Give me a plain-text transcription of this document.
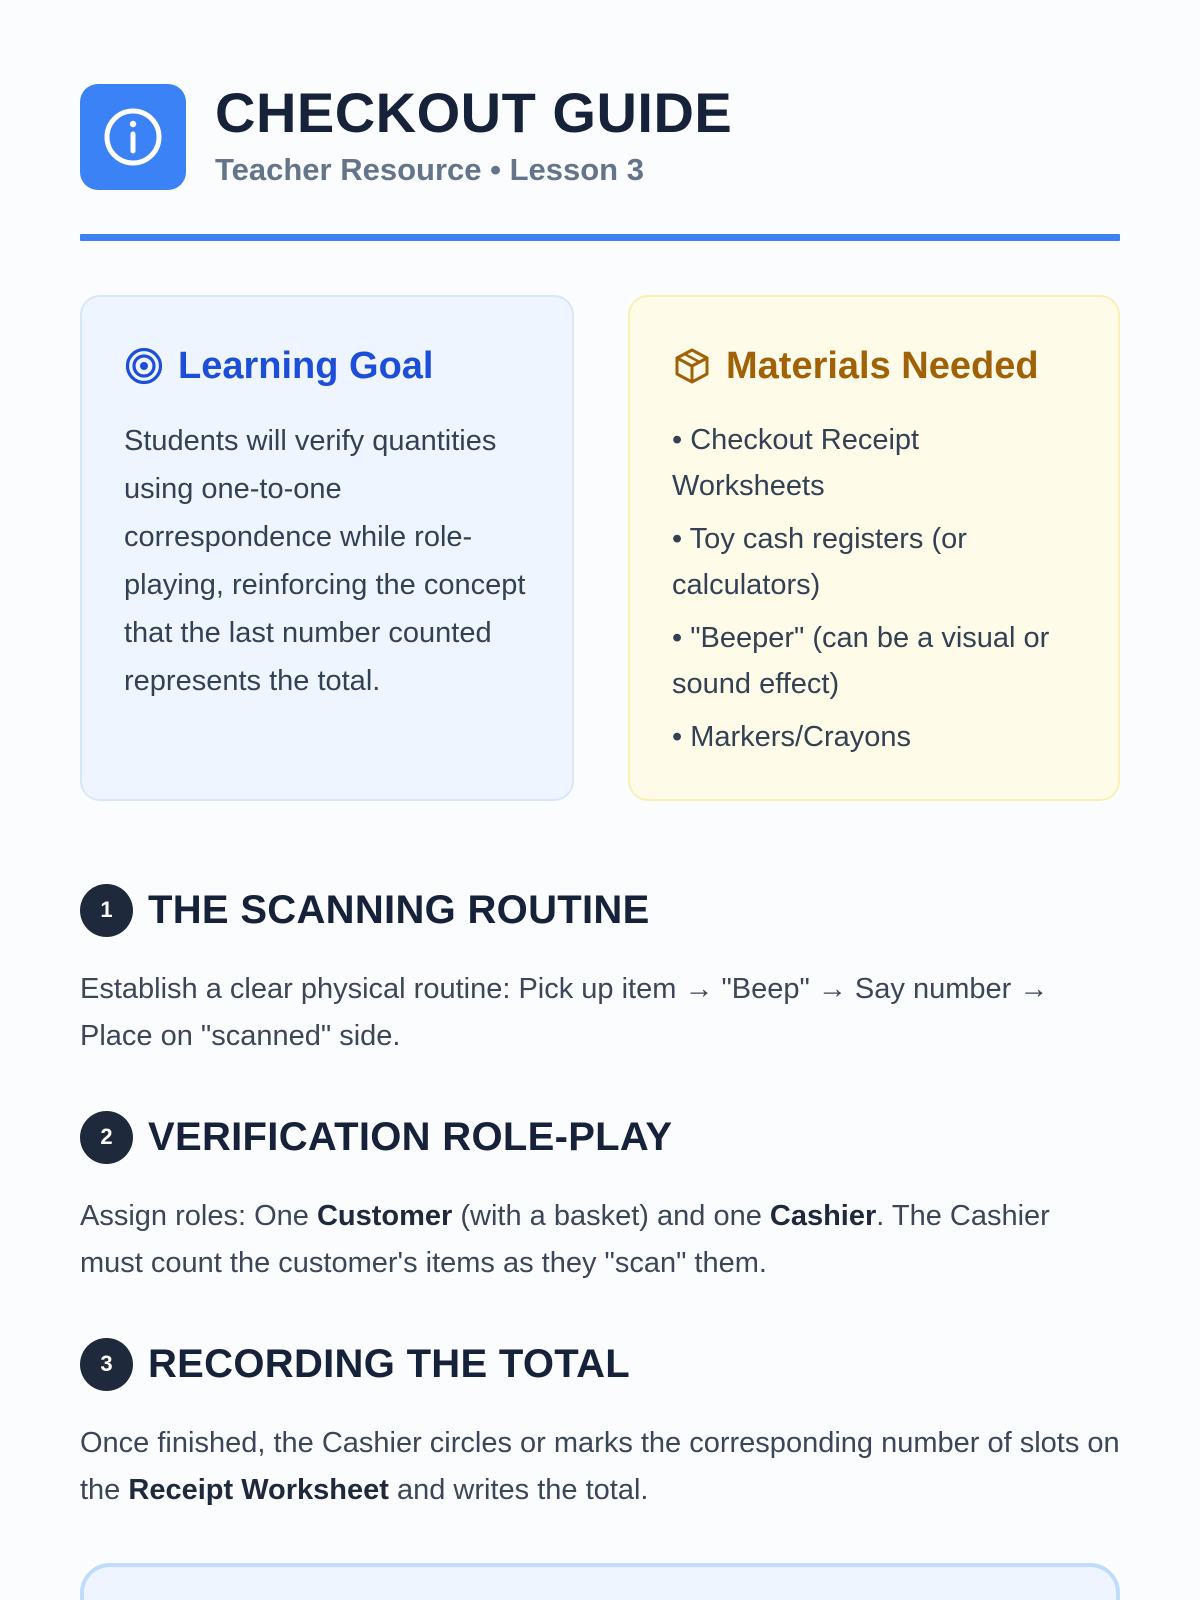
CHECKOUT GUIDE
Teacher Resource • Lesson 3
Learning Goal

Students will verify quantities using one-to-one correspondence while role-playing, reinforcing the concept that the last number counted represents the total.

Materials Needed
• Checkout Receipt Worksheets
• Toy cash registers (or calculators)
• "Beeper" (can be a visual or sound effect)
• Markers/Crayons
1 THE SCANNING ROUTINE

Establish a clear physical routine: Pick up item → "Beep" → Say number → Place on "scanned" side.

2 VERIFICATION ROLE-PLAY

Assign roles: One Customer (with a basket) and one Cashier. The Cashier must count the customer's items as they "scan" them.

3 RECORDING THE TOTAL

Once finished, the Cashier circles or marks the corresponding number of slots on the Receipt Worksheet and writes the total.
